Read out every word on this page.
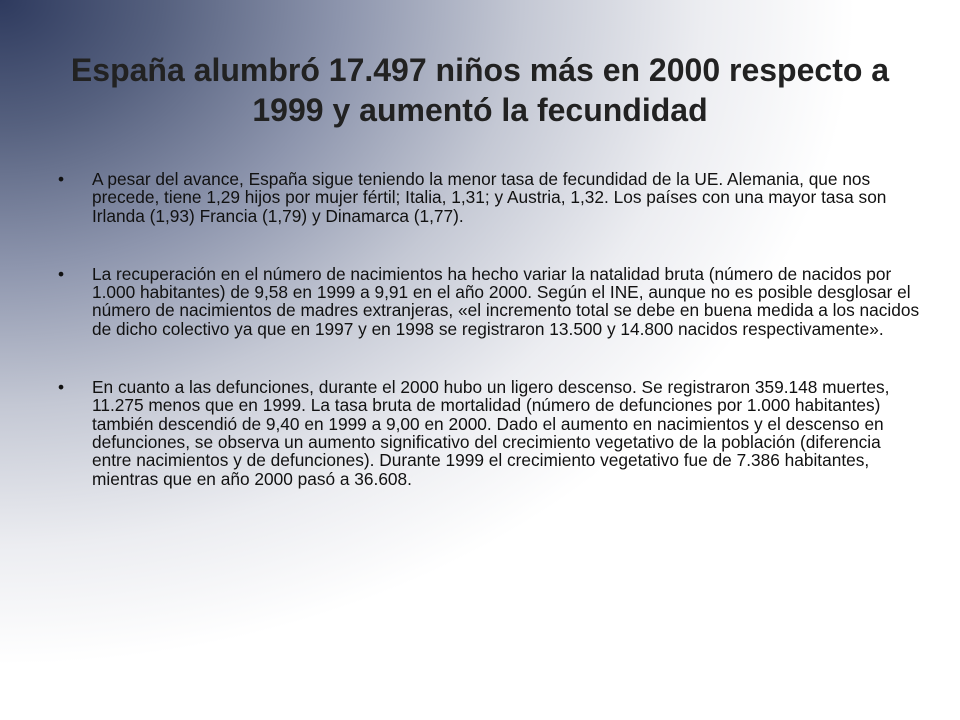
España alumbró 17.497 niños más en 2000 respecto a 1999 y aumentó la fecundidad
•	A pesar del avance, España sigue teniendo la menor tasa de fecundidad de la UE. Alemania, que nos precede, tiene 1,29 hijos por mujer fértil; Italia, 1,31; y Austria, 1,32. Los países con una mayor tasa son Irlanda (1,93) Francia (1,79) y Dinamarca (1,77).
•	La recuperación en el número de nacimientos ha hecho variar la natalidad bruta (número de nacidos por 1.000 habitantes) de 9,58 en 1999 a 9,91 en el año 2000. Según el INE, aunque no es posible desglosar el número de nacimientos de madres extranjeras, «el incremento total se debe en buena medida a los nacidos de dicho colectivo ya que en 1997 y en 1998 se registraron 13.500 y 14.800 nacidos respectivamente».
•	En cuanto a las defunciones, durante el 2000 hubo un ligero descenso. Se registraron 359.148 muertes, 11.275 menos que en 1999. La tasa bruta de mortalidad (número de defunciones por 1.000 habitantes) también descendió de 9,40 en 1999 a 9,00 en 2000. Dado el aumento en nacimientos y el descenso en defunciones, se observa un aumento significativo del crecimiento vegetativo de la población (diferencia entre nacimientos y de defunciones). Durante 1999 el crecimiento vegetativo fue de 7.386 habitantes, mientras que en año 2000 pasó a 36.608.
